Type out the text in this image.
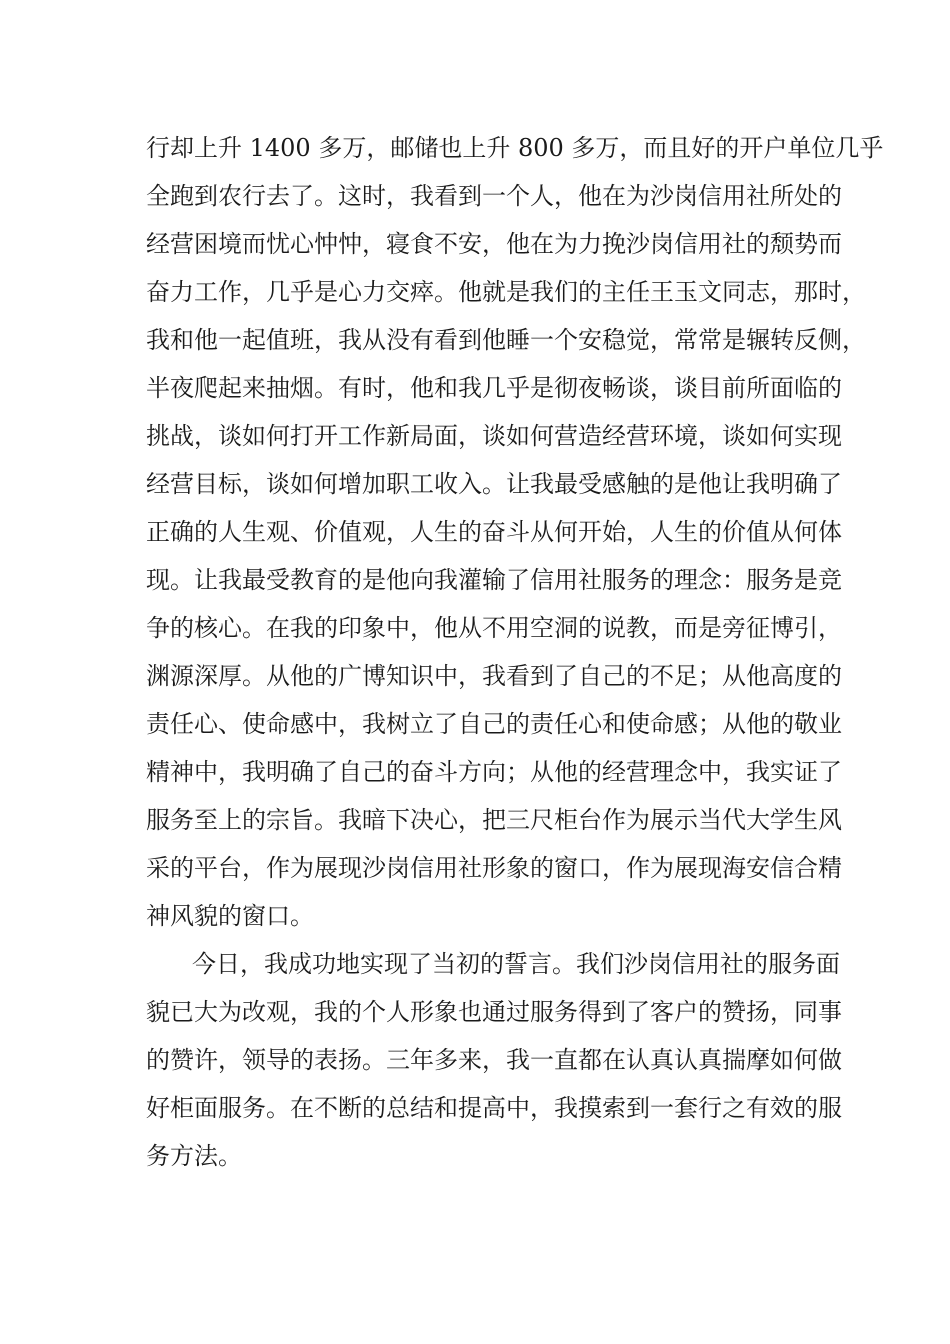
行却上升 1400 多万，邮储也上升 800 多万，而且好的开户单位几乎
全跑到农行去了。这时，我看到一个人，他在为沙岗信用社所处的
经营困境而忧心忡忡，寝食不安，他在为力挽沙岗信用社的颓势而
奋力工作，几乎是心力交瘁。他就是我们的主任王玉文同志，那时，
我和他一起值班，我从没有看到他睡一个安稳觉，常常是辗转反侧，
半夜爬起来抽烟。有时，他和我几乎是彻夜畅谈，谈目前所面临的
挑战，谈如何打开工作新局面，谈如何营造经营环境，谈如何实现
经营目标，谈如何增加职工收入。让我最受感触的是他让我明确了
正确的人生观、价值观，人生的奋斗从何开始，人生的价值从何体
现。让我最受教育的是他向我灌输了信用社服务的理念：服务是竞
争的核心。在我的印象中，他从不用空洞的说教，而是旁征博引，
渊源深厚。从他的广博知识中，我看到了自己的不足；从他高度的
责任心、使命感中，我树立了自己的责任心和使命感；从他的敬业
精神中，我明确了自己的奋斗方向；从他的经营理念中，我实证了
服务至上的宗旨。我暗下决心，把三尺柜台作为展示当代大学生风
采的平台，作为展现沙岗信用社形象的窗口，作为展现海安信合精
神风貌的窗口。
今日，我成功地实现了当初的誓言。我们沙岗信用社的服务面
貌已大为改观，我的个人形象也通过服务得到了客户的赞扬，同事
的赞许，领导的表扬。三年多来，我一直都在认真认真揣摩如何做
好柜面服务。在不断的总结和提高中，我摸索到一套行之有效的服
务方法。
